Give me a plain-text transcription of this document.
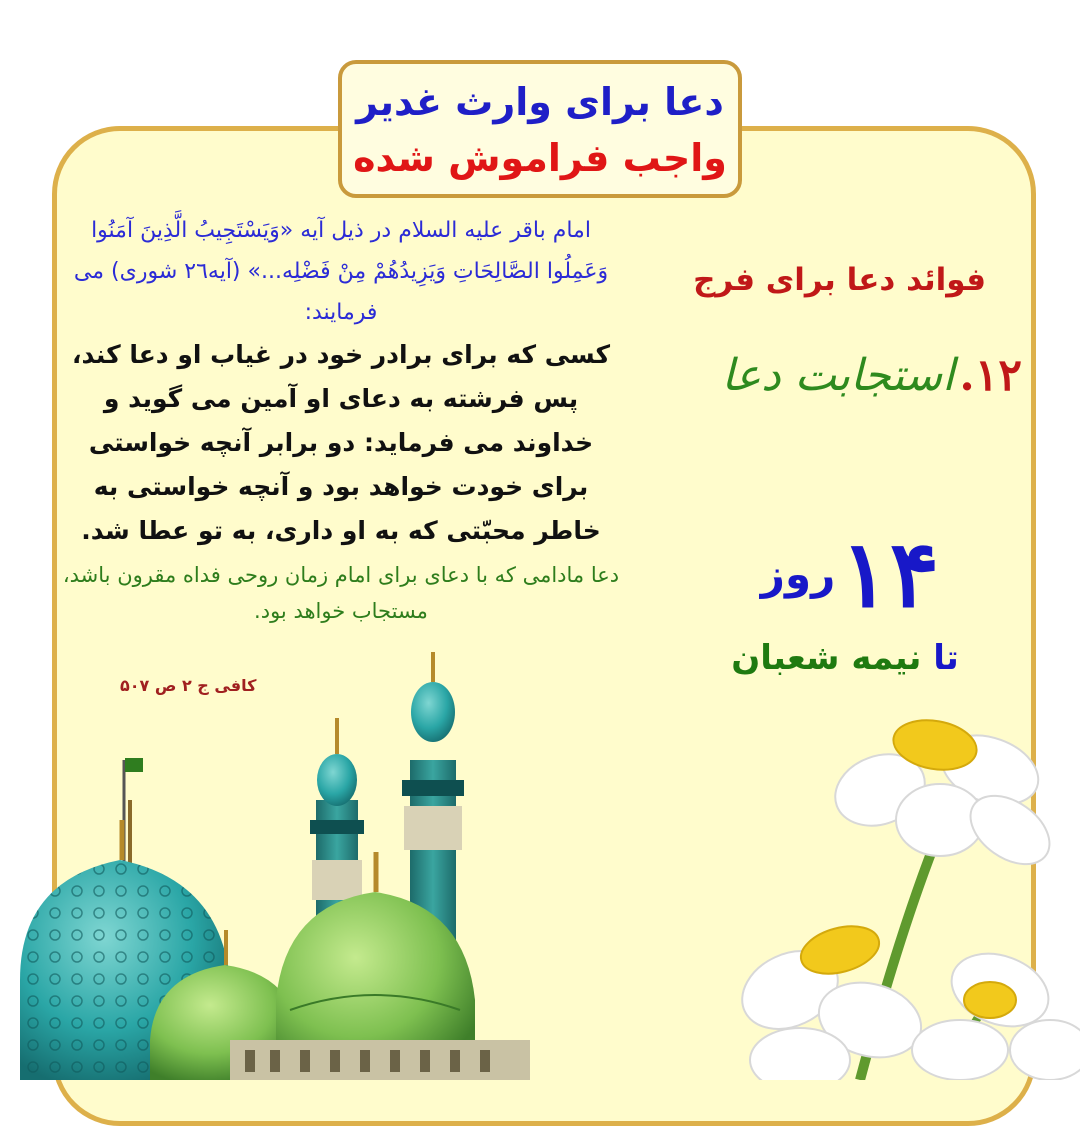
دعا برای وارث غدیر
واجب فراموش شده
امام باقر علیه السلام در ذیل آیه «وَیَسْتَجِیبُ الَّذِینَ آمَنُوا وَعَمِلُوا الصَّالِحَاتِ وَیَزِیدُهُمْ مِنْ فَضْلِه...» (آیه۲٦ شوری) می فرمایند:
کسی که برای برادر خود در غیاب او دعا کند، پس فرشته به دعای او آمین می گوید و خداوند می فرماید: دو برابر آنچه خواستی برای خودت خواهد بود و آنچه خواستی به خاطر محبّتی که به او داری، به تو عطا شد.
دعا مادامی که با دعای برای امام زمان روحی فداه مقرون باشد، مستجاب خواهد بود.
کافی ج ۲ ص ۵۰۷
فوائد دعا برای فرج
۱۲. استجابت دعا
۱۴ روز
تا نیمه شعبان
